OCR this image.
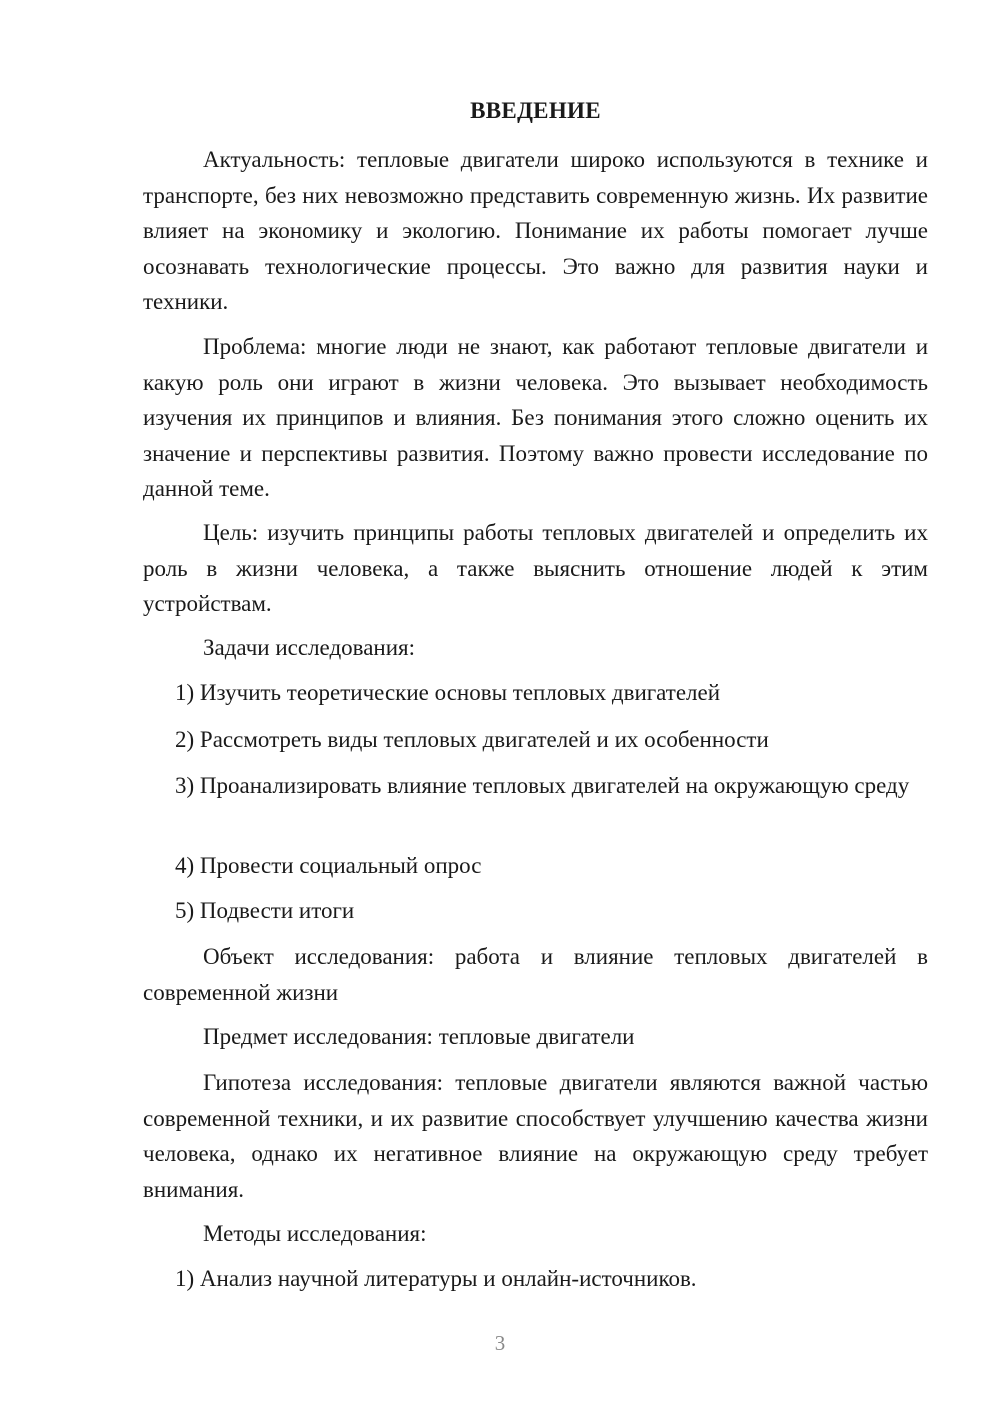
ВВЕДЕНИЕ

Актуальность: тепловые двигатели широко используются в технике и транспорте, без них невозможно представить современную жизнь. Их развитие влияет на экономику и экологию. Понимание их работы помогает лучше осознавать технологические процессы. Это важно для развития науки и техники.

Проблема: многие люди не знают, как работают тепловые двигатели и какую роль они играют в жизни человека. Это вызывает необходимость изучения их принципов и влияния. Без понимания этого сложно оценить их значение и перспективы развития. Поэтому важно провести исследование по данной теме.

Цель: изучить принципы работы тепловых двигателей и определить их роль в жизни человека, а также выяснить отношение людей к этим устройствам.

Задачи исследования:

1) Изучить теоретические основы тепловых двигателей

2) Рассмотреть виды тепловых двигателей и их особенности

3) Проанализировать влияние тепловых двигателей на окружающую среду

4) Провести социальный опрос

5) Подвести итоги

Объект исследования: работа и влияние тепловых двигателей в современной жизни

Предмет исследования: тепловые двигатели

Гипотеза исследования: тепловые двигатели являются важной частью современной техники, и их развитие способствует улучшению качества жизни человека, однако их негативное влияние на окружающую среду требует внимания.

Методы исследования:

1) Анализ научной литературы и онлайн-источников.

3
